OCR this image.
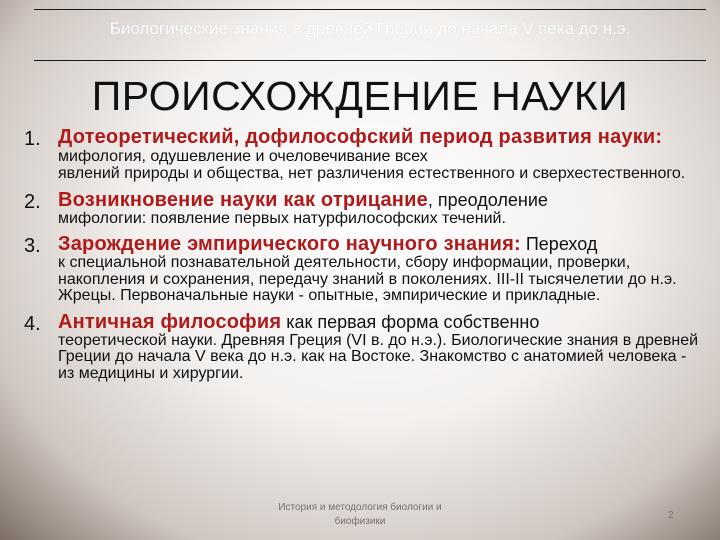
Биологические знания в древней Греции до начала V века до н.э.
ПРОИСХОЖДЕНИЕ НАУКИ
1. Дотеоретический, дофилософский период развития науки: мифология, одушевление и очеловечивание всех
явлений природы и общества, нет различения естественного и сверхестественного.
2. Возникновение науки как отрицание, преодоление
мифологии: появление первых натурфилософских течений.
3. Зарождение эмпирического научного знания: Переход
к специальной познавательной деятельности, сбору информации, проверки, накопления и сохранения, передачу знаний в поколениях. III-II тысячелетии до н.э. Жрецы. Первоначальные науки - опытные, эмпирические и прикладные.
4. Античная философия как первая форма собственно
теоретической науки. Древняя Греция (VI в. до н.э.). Биологические знания в древней Греции до начала V века до н.э. как на Востоке. Знакомство с анатомией человека - из медицины и хирургии.
История и методология биологии и биофизики
2
